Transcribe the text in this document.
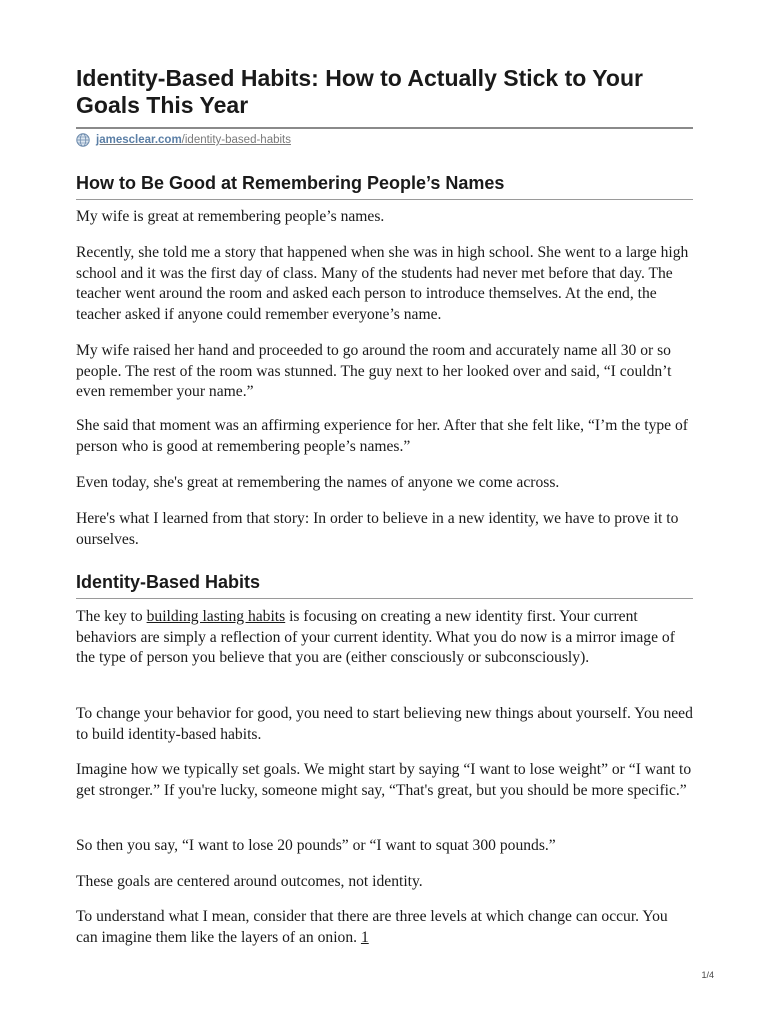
Identity-Based Habits: How to Actually Stick to Your Goals This Year
jamesclear.com/identity-based-habits
How to Be Good at Remembering People’s Names

My wife is great at remembering people’s names.

Recently, she told me a story that happened when she was in high school. She went to a large high school and it was the first day of class. Many of the students had never met before that day. The teacher went around the room and asked each person to introduce themselves. At the end, the teacher asked if anyone could remember everyone’s name.

My wife raised her hand and proceeded to go around the room and accurately name all 30 or so people. The rest of the room was stunned. The guy next to her looked over and said, “I couldn’t even remember your name.”

She said that moment was an affirming experience for her. After that she felt like, “I’m the type of person who is good at remembering people’s names.”

Even today, she's great at remembering the names of anyone we come across.

Here's what I learned from that story: In order to believe in a new identity, we have to prove it to ourselves.

Identity-Based Habits

The key to building lasting habits is focusing on creating a new identity first. Your current behaviors are simply a reflection of your current identity. What you do now is a mirror image of the type of person you believe that you are (either consciously or subconsciously).

To change your behavior for good, you need to start believing new things about yourself. You need to build identity-based habits.

Imagine how we typically set goals. We might start by saying “I want to lose weight” or “I want to get stronger.” If you're lucky, someone might say, “That's great, but you should be more specific.”

So then you say, “I want to lose 20 pounds” or “I want to squat 300 pounds.”

These goals are centered around outcomes, not identity.

To understand what I mean, consider that there are three levels at which change can occur. You can imagine them like the layers of an onion. 1

1/4
